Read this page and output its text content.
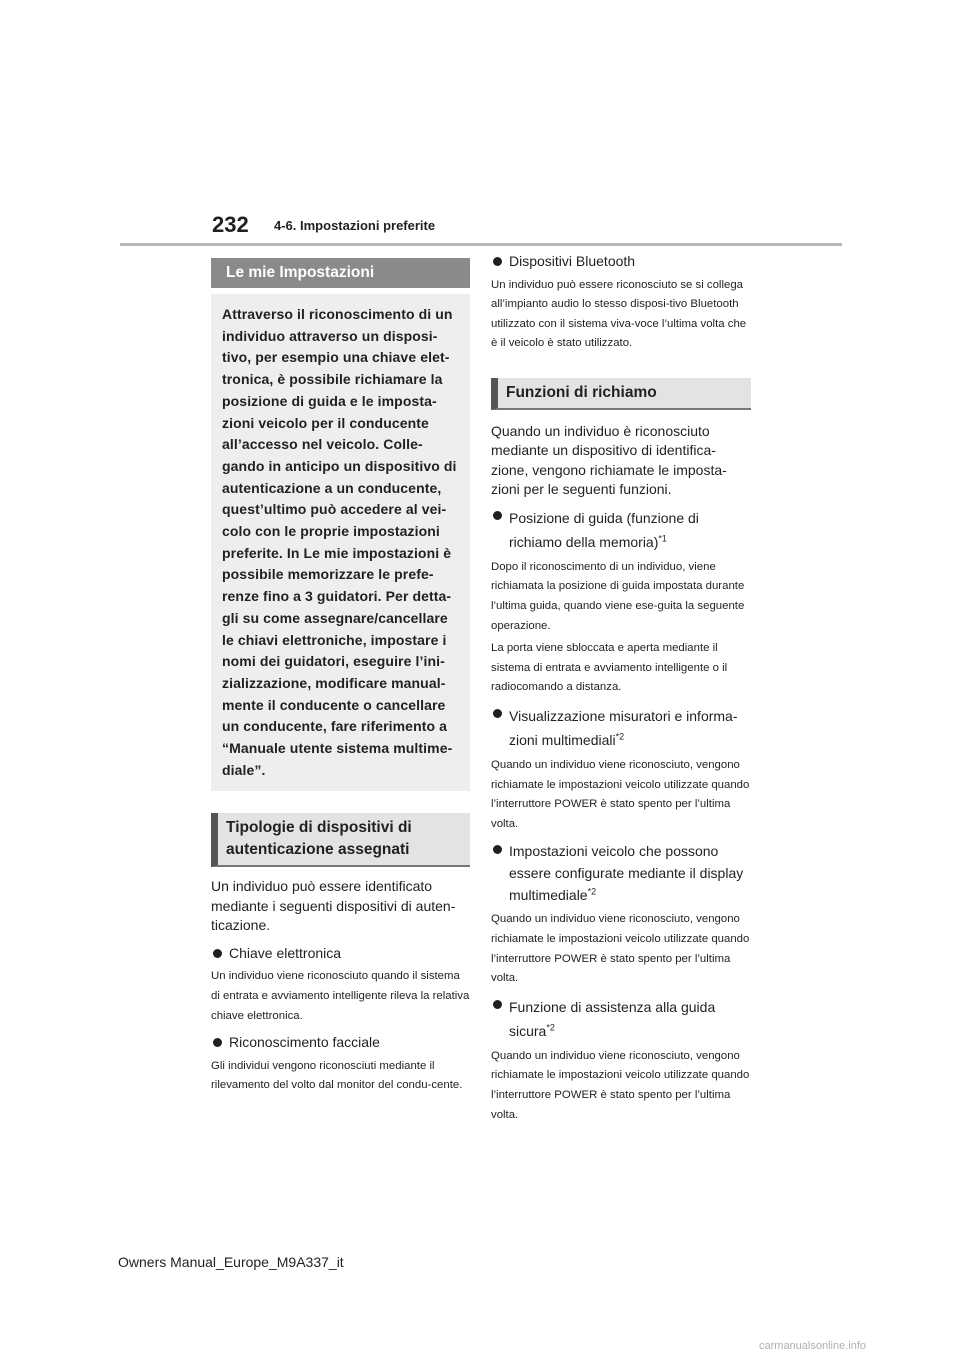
232 4-6. Impostazioni preferite
Le mie Impostazioni
Attraverso il riconoscimento di un
individuo attraverso un disposi-
tivo, per esempio una chiave elet-
tronica, è possibile richiamare la
posizione di guida e le imposta-
zioni veicolo per il conducente
all’accesso nel veicolo. Colle-
gando in anticipo un dispositivo di
autenticazione a un conducente,
quest’ultimo può accedere al vei-
colo con le proprie impostazioni
preferite. In Le mie impostazioni è
possibile memorizzare le prefe-
renze fino a 3 guidatori. Per detta-
gli su come assegnare/cancellare
le chiavi elettroniche, impostare i
nomi dei guidatori, eseguire l’ini-
zializzazione, modificare manual-
mente il conducente o cancellare
un conducente, fare riferimento a
“Manuale utente sistema multime-
diale”.
Tipologie di dispositivi di autenticazione assegnati

Un individuo può essere identificato mediante i seguenti dispositivi di auten-ticazione.

Chiave elettronica

Un individuo viene riconosciuto quando il sistema di entrata e avviamento intelligente rileva la relativa chiave elettronica.

Riconoscimento facciale

Gli individui vengono riconosciuti mediante il rilevamento del volto dal monitor del condu-cente.

Dispositivi Bluetooth

Un individuo può essere riconosciuto se si collega all’impianto audio lo stesso disposi-tivo Bluetooth utilizzato con il sistema viva-voce l’ultima volta che è il veicolo è stato utilizzato.

Funzioni di richiamo

Quando un individuo è riconosciuto mediante un dispositivo di identifica-zione, vengono richiamate le imposta-zioni per le seguenti funzioni.

Posizione di guida (funzione di richiamo della memoria)$^{*1}$

Dopo il riconoscimento di un individuo, viene richiamata la posizione di guida impostata durante l’ultima guida, quando viene ese-guita la seguente operazione.

La porta viene sbloccata e aperta mediante il sistema di entrata e avviamento intelligente o il radiocomando a distanza.

Visualizzazione misuratori e informa-zioni multimediali$^{*2}$

Quando un individuo viene riconosciuto, vengono richiamate le impostazioni veicolo utilizzate quando l’interruttore POWER è stato spento per l’ultima volta.

Impostazioni veicolo che possono essere configurate mediante il display multimediale$^{*2}$

Quando un individuo viene riconosciuto, vengono richiamate le impostazioni veicolo utilizzate quando l’interruttore POWER è stato spento per l’ultima volta.

Funzione di assistenza alla guida sicura$^{*2}$

Quando un individuo viene riconosciuto, vengono richiamate le impostazioni veicolo utilizzate quando l’interruttore POWER è stato spento per l’ultima volta.

Owners Manual_Europe_M9A337_it
carmanualsonline.info
